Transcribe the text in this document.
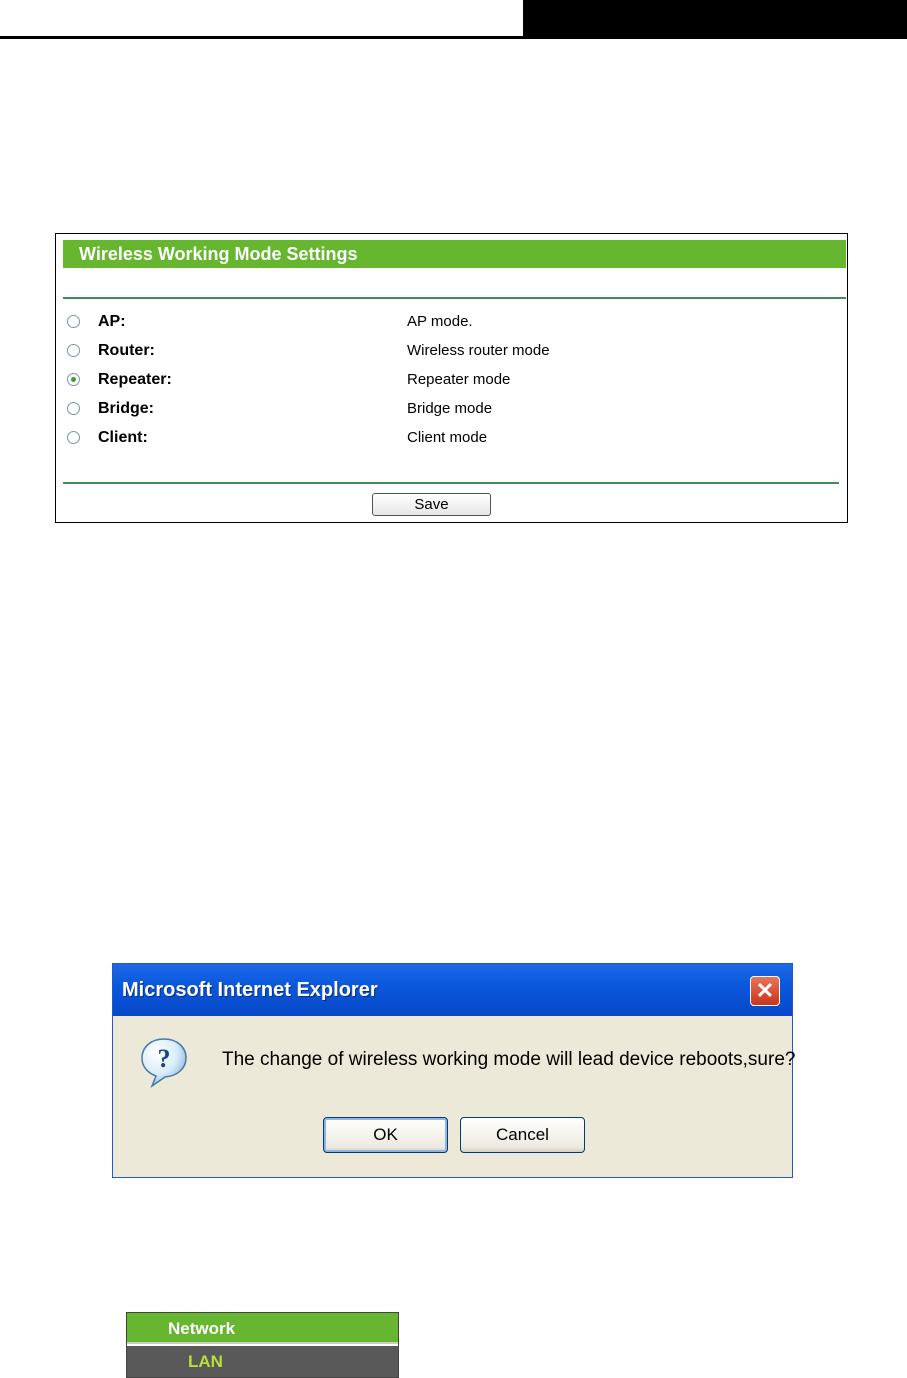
Wireless Working Mode Settings
AP:	AP mode.
Router:	Wireless router mode
Repeater:	Repeater mode
Bridge:	Bridge mode
Client:	Client mode
Save
Microsoft Internet Explorer	✕
?	The change of wireless working mode will lead device reboots,sure?
OK	Cancel
Network
LAN
